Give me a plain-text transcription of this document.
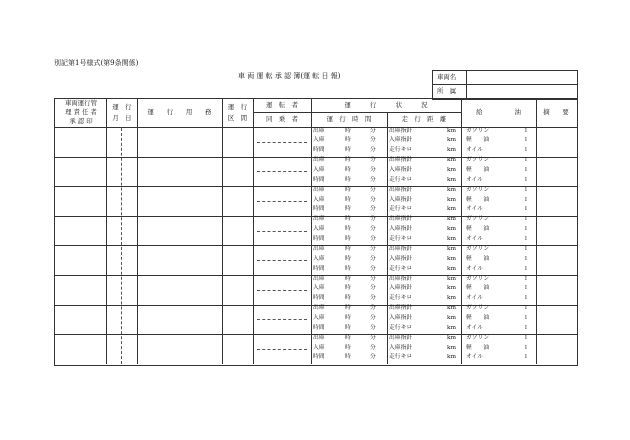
別記第1号様式(第9条関係)
車 両 運 転 承 認 簿(運 転 日 報)	車両名
所　属
車両運行管
理 責 任 者
承 認 印
運　行
月　日
運　　行　　用　　務
運　行
区　間
運　転　者
同　乗　者
運　　　行　　　状　　　況
運　行　時　間	走　行　距　離
給　　　　　油	摘　　要
出庫	時	分 出庫指針	km ガソリン	l
入庫	時	分 入庫指針	km 軽　　油	l
時間	時	分 走行キロ	km オイル	l
出庫	時	分 出庫指針	km ガソリン	l
入庫	時	分 入庫指針	km 軽　　油	l
時間	時	分 走行キロ	km オイル	l
出庫	時	分 出庫指針	km ガソリン	l
入庫	時	分 入庫指針	km 軽　　油	l
時間	時	分 走行キロ	km オイル	l
出庫	時	分 出庫指針	km ガソリン	l
入庫	時	分 入庫指針	km 軽　　油	l
時間	時	分 走行キロ	km オイル	l
出庫	時	分 出庫指針	km ガソリン	l
入庫	時	分 入庫指針	km 軽　　油	l
時間	時	分 走行キロ	km オイル	l
出庫	時	分 出庫指針	km ガソリン	l
入庫	時	分 入庫指針	km 軽　　油	l
時間	時	分 走行キロ	km オイル	l
出庫	時	分 出庫指針	km ガソリン	l
入庫	時	分 入庫指針	km 軽　　油	l
時間	時	分 走行キロ	km オイル	l
出庫	時	分 出庫指針	km ガソリン	l
入庫	時	分 入庫指針	km 軽　　油	l
時間	時	分 走行キロ	km オイル	l
